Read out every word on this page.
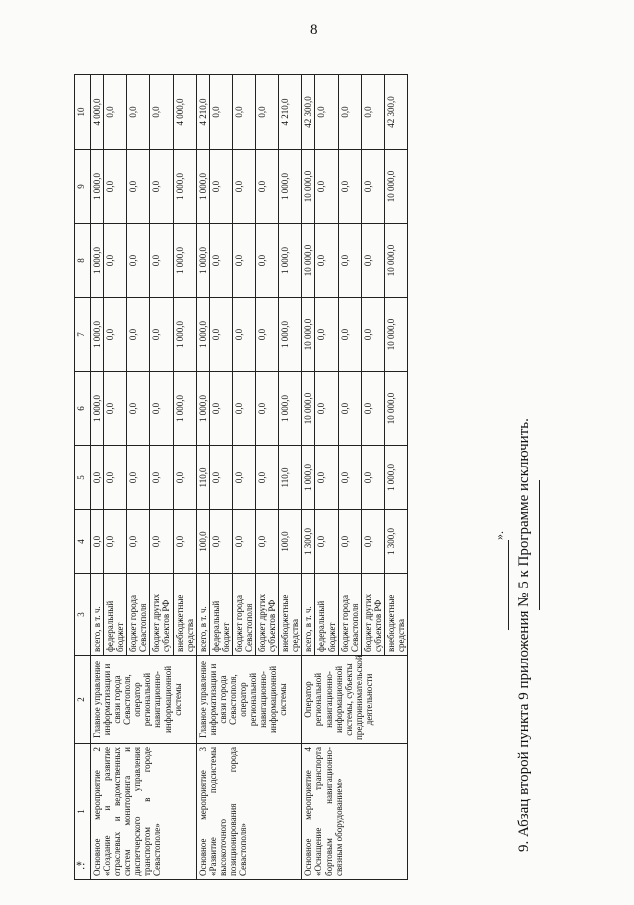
8
*:
1	2	3	4	5	6	7	8	9	10
Основное мероприятие 2 «Создание и развитие отраслевых и ведомственных систем мониторинга и диспетчерского управления транспортом в городе Севастополе»	Главное управление информатизации и связи города Севастополя, оператор региональной навигационно-информационной системы	всего, в т. ч.	0,0	0,0	1 000,0	1 000,0	1 000,0	1 000,0	4 000,0
		федеральный бюджет	0,0	0,0	0,0	0,0	0,0	0,0	0,0
		бюджет города Севастополя	0,0	0,0	0,0	0,0	0,0	0,0	0,0
		бюджет других субъектов РФ	0,0	0,0	0,0	0,0	0,0	0,0	0,0
		внебюджетные средства	0,0	0,0	1 000,0	1 000,0	1 000,0	1 000,0	4 000,0
Основное мероприятие 3 «Развитие подсистемы высокоточного позиционирования города Севастополя»	Главное управление информатизации и связи города Севастополя, оператор региональной навигационно-информационной системы	всего, в т. ч.	100,0	110,0	1 000,0	1 000,0	1 000,0	1 000,0	4 210,0
		федеральный бюджет	0,0	0,0	0,0	0,0	0,0	0,0	0,0
		бюджет города Севастополя	0,0	0,0	0,0	0,0	0,0	0,0	0,0
		бюджет других субъектов РФ	0,0	0,0	0,0	0,0	0,0	0,0	0,0
		внебюджетные средства	100,0	110,0	1 000,0	1 000,0	1 000,0	1 000,0	4 210,0
Основное мероприятие 4 «Оснащение транспорта бортовым навигационно-связным оборудованием»	Оператор региональной навигационно-информационной системы, субъекты предпринимательской деятельности	всего, в т. ч.	1 300,0	1 000,0	10 000,0	10 000,0	10 000,0	10 000,0	42 300,0
		федеральный бюджет	0,0	0,0	0,0	0,0	0,0	0,0	0,0
		бюджет города Севастополя	0,0	0,0	0,0	0,0	0,0	0,0	0,0
		бюджет других субъектов РФ	0,0	0,0	0,0	0,0	0,0	0,0	0,0
		внебюджетные средства	1 300,0	1 000,0	10 000,0	10 000,0	10 000,0	10 000,0	42 300,0
». 9. Абзац второй пункта 9 приложения № 5 к Программе исключить.
